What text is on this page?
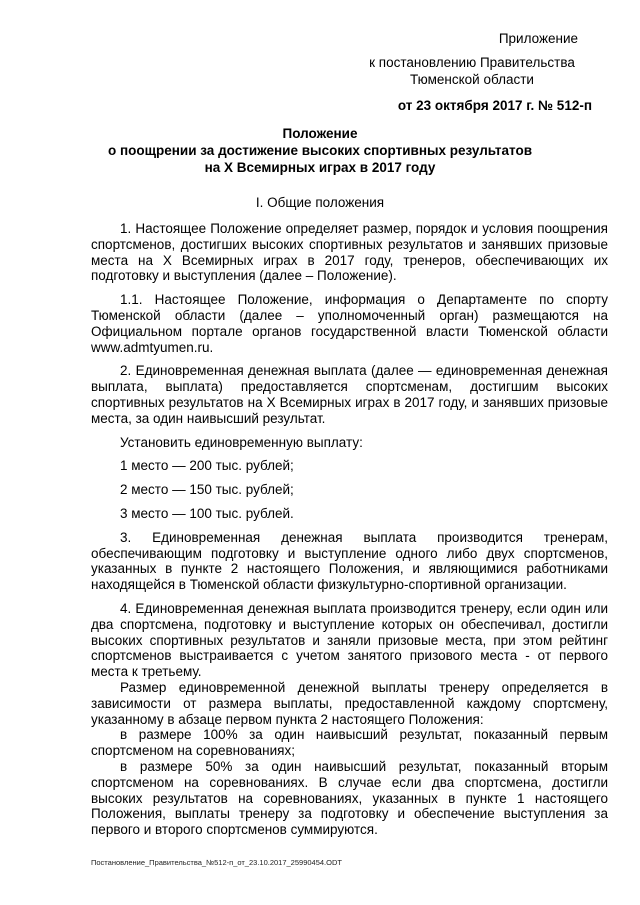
Приложение
к постановлению Правительства
Тюменской области
от 23 октября 2017 г. № 512-п
Положение
о поощрении за достижение высоких спортивных результатов
на X Всемирных играх в 2017 году
I. Общие положения

1. Настоящее Положение определяет размер, порядок и условия поощрения спортсменов, достигших высоких спортивных результатов и занявших призовые места на X Всемирных играх в 2017 году, тренеров, обеспечивающих их подготовку и выступления (далее – Положение).

1.1. Настоящее Положение, информация о Департаменте по спорту Тюменской области (далее – уполномоченный орган) размещаются на Официальном портале органов государственной власти Тюменской области www.admtyumen.ru.

2. Единовременная денежная выплата (далее — единовременная денежная выплата, выплата) предоставляется спортсменам, достигшим высоких спортивных результатов на X Всемирных играх в 2017 году, и занявших призовые места, за один наивысший результат.

Установить единовременную выплату:

1 место — 200 тыс. рублей;

2 место — 150 тыс. рублей;

3 место — 100 тыс. рублей.

3. Единовременная денежная выплата производится тренерам, обеспечивающим подготовку и выступление одного либо двух спортсменов, указанных в пункте 2 настоящего Положения, и являющимися работниками находящейся в Тюменской области физкультурно-спортивной организации.

4. Единовременная денежная выплата производится тренеру, если один или два спортсмена, подготовку и выступление которых он обеспечивал, достигли высоких спортивных результатов и заняли призовые места, при этом рейтинг спортсменов выстраивается с учетом занятого призового места - от первого места к третьему.

Размер единовременной денежной выплаты тренеру определяется в зависимости от размера выплаты, предоставленной каждому спортсмену, указанному в абзаце первом пункта 2 настоящего Положения:

в размере 100% за один наивысший результат, показанный первым спортсменом на соревнованиях;

в размере 50% за один наивысший результат, показанный вторым спортсменом на соревнованиях. В случае если два спортсмена, достигли высоких результатов на соревнованиях, указанных в пункте 1 настоящего Положения, выплаты тренеру за подготовку и обеспечение выступления за первого и второго спортсменов суммируются.

Постановление_Правительства_№512-п_от_23.10.2017_25990454.ODT
